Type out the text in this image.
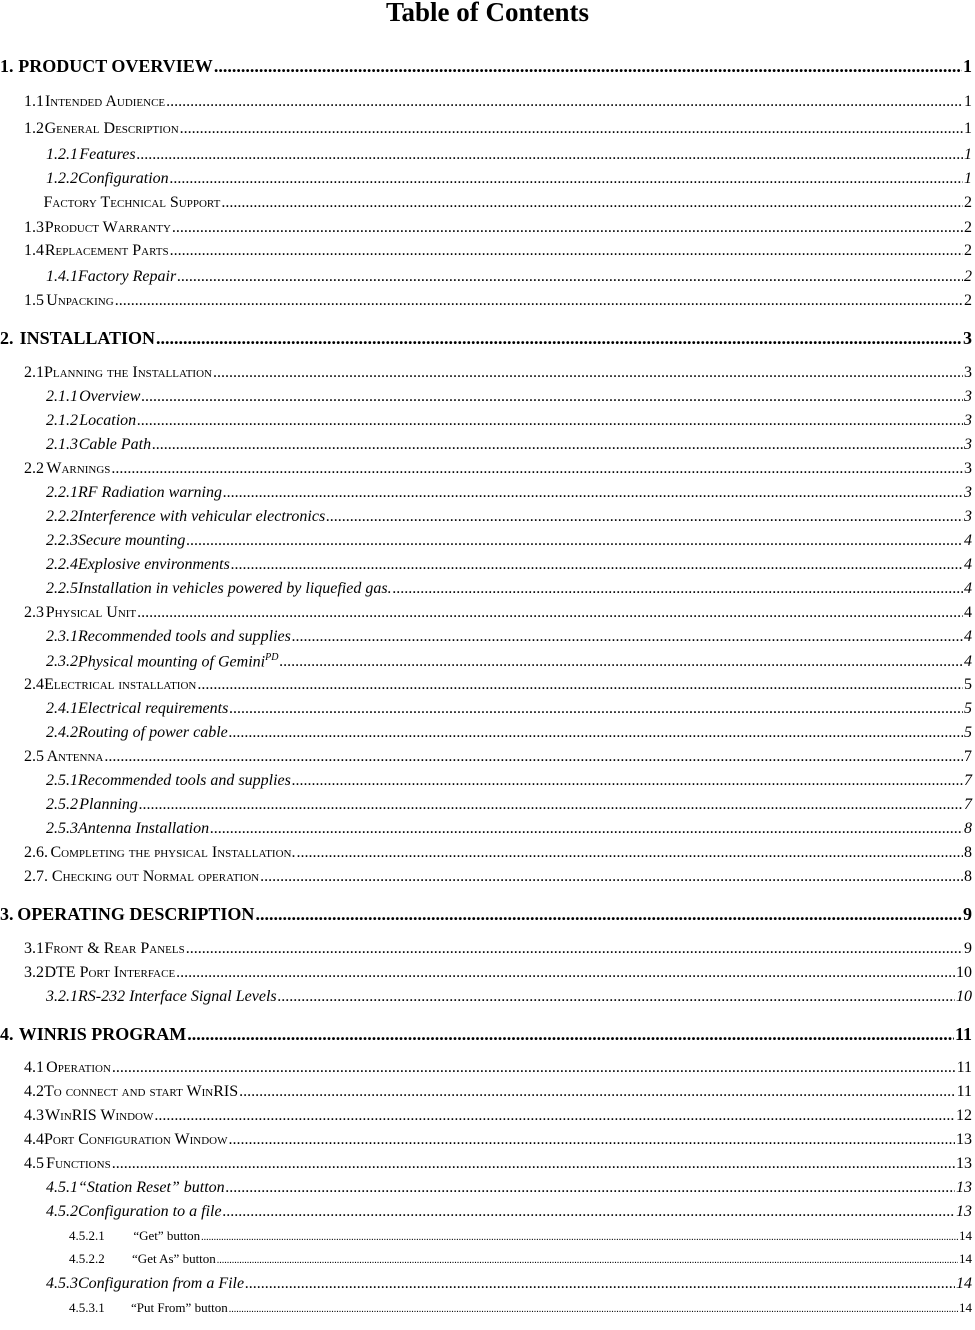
Table of Contents
1. PRODUCT OVERVIEW .....	1
1.1 Intended Audience .....	1
1.2 General Description .....	1
1.2.1 Features .....	1
1.2.2 Configuration .....	1
Factory Technical Support .....	2
1.3 Product Warranty .....	2
1.4 Replacement Parts .....	2
1.4.1 Factory Repair .....	2
1.5 Unpacking .....	2
2. INSTALLATION .....	3
2.1 Planning the Installation .....	3
2.1.1 Overview .....	3
2.1.2 Location .....	3
2.1.3 Cable Path .....	3
2.2 Warnings .....	3
2.2.1 RF Radiation warning .....	3
2.2.2 Interference with vehicular electronics .....	3
2.2.3 Secure mounting .....	4
2.2.4 Explosive environments .....	4
2.2.5 Installation in vehicles powered by liquefied gas. .....	4
2.3 Physical Unit .....	4
2.3.1 Recommended tools and supplies .....	4
2.3.2 Physical mounting of Gemini$^{PD}$ .....	4
2.4 Electrical installation .....	5
2.4.1 Electrical requirements .....	5
2.4.2 Routing of power cable .....	5
2.5 Antenna .....	7
2.5.1 Recommended tools and supplies .....	7
2.5.2 Planning .....	7
2.5.3 Antenna Installation .....	8
2.6. Completing the physical Installation. .....	8
2.7. Checking out Normal operation .....	8
3. OPERATING DESCRIPTION .....	9
3.1 Front & Rear Panels .....	9
3.2 DTE Port Interface .....	10
3.2.1 RS-232 Interface Signal Levels .....	10
4. WINRIS PROGRAM .....	11
4.1 Operation .....	11
4.2 To connect and start WinRIS .....	11
4.3 WinRIS Window .....	12
4.4 Port Configuration Window .....	13
4.5 Functions .....	13
4.5.1 “Station Reset” button .....	13
4.5.2 Configuration to a file .....	13
4.5.2.1	“Get” button .....	14
4.5.2.2	“Get As” button .....	14
4.5.3 Configuration from a File .....	14
4.5.3.1	“Put From” button .....	14
